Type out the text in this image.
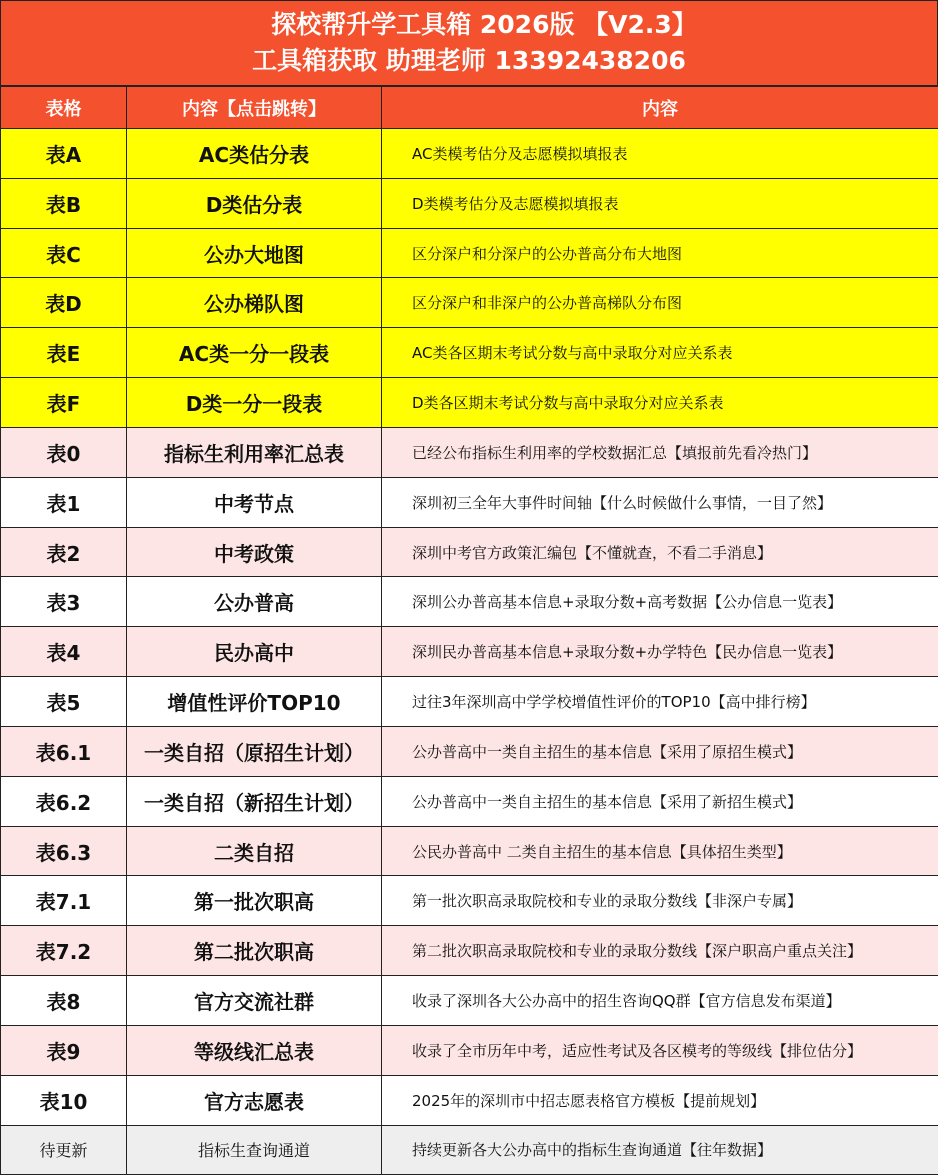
探校帮升学工具箱 2026版 【V2.3】
工具箱获取 助理老师 13392438206
表格	内容【点击跳转】	内容
表A	AC类估分表	AC类模考估分及志愿模拟填报表
表B	D类估分表	D类模考估分及志愿模拟填报表
表C	公办大地图	区分深户和分深户的公办普高分布大地图
表D	公办梯队图	区分深户和非深户的公办普高梯队分布图
表E	AC类一分一段表	AC类各区期末考试分数与高中录取分对应关系表
表F	D类一分一段表	D类各区期末考试分数与高中录取分对应关系表
表0	指标生利用率汇总表	已经公布指标生利用率的学校数据汇总【填报前先看冷热门】
表1	中考节点	深圳初三全年大事件时间轴【什么时候做什么事情，一目了然】
表2	中考政策	深圳中考官方政策汇编包【不懂就查，不看二手消息】
表3	公办普高	深圳公办普高基本信息+录取分数+高考数据【公办信息一览表】
表4	民办高中	深圳民办普高基本信息+录取分数+办学特色【民办信息一览表】
表5	增值性评价TOP10	过往3年深圳高中学学校增值性评价的TOP10【高中排行榜】
表6.1	一类自招（原招生计划）	公办普高中一类自主招生的基本信息【采用了原招生模式】
表6.2	一类自招（新招生计划）	公办普高中一类自主招生的基本信息【采用了新招生模式】
表6.3	二类自招	公民办普高中 二类自主招生的基本信息【具体招生类型】
表7.1	第一批次职高	第一批次职高录取院校和专业的录取分数线【非深户专属】
表7.2	第二批次职高	第二批次职高录取院校和专业的录取分数线【深户职高户重点关注】
表8	官方交流社群	收录了深圳各大公办高中的招生咨询QQ群【官方信息发布渠道】
表9	等级线汇总表	收录了全市历年中考，适应性考试及各区模考的等级线【排位估分】
表10	官方志愿表	2025年的深圳市中招志愿表格官方模板【提前规划】
待更新	指标生查询通道	持续更新各大公办高中的指标生查询通道【往年数据】
